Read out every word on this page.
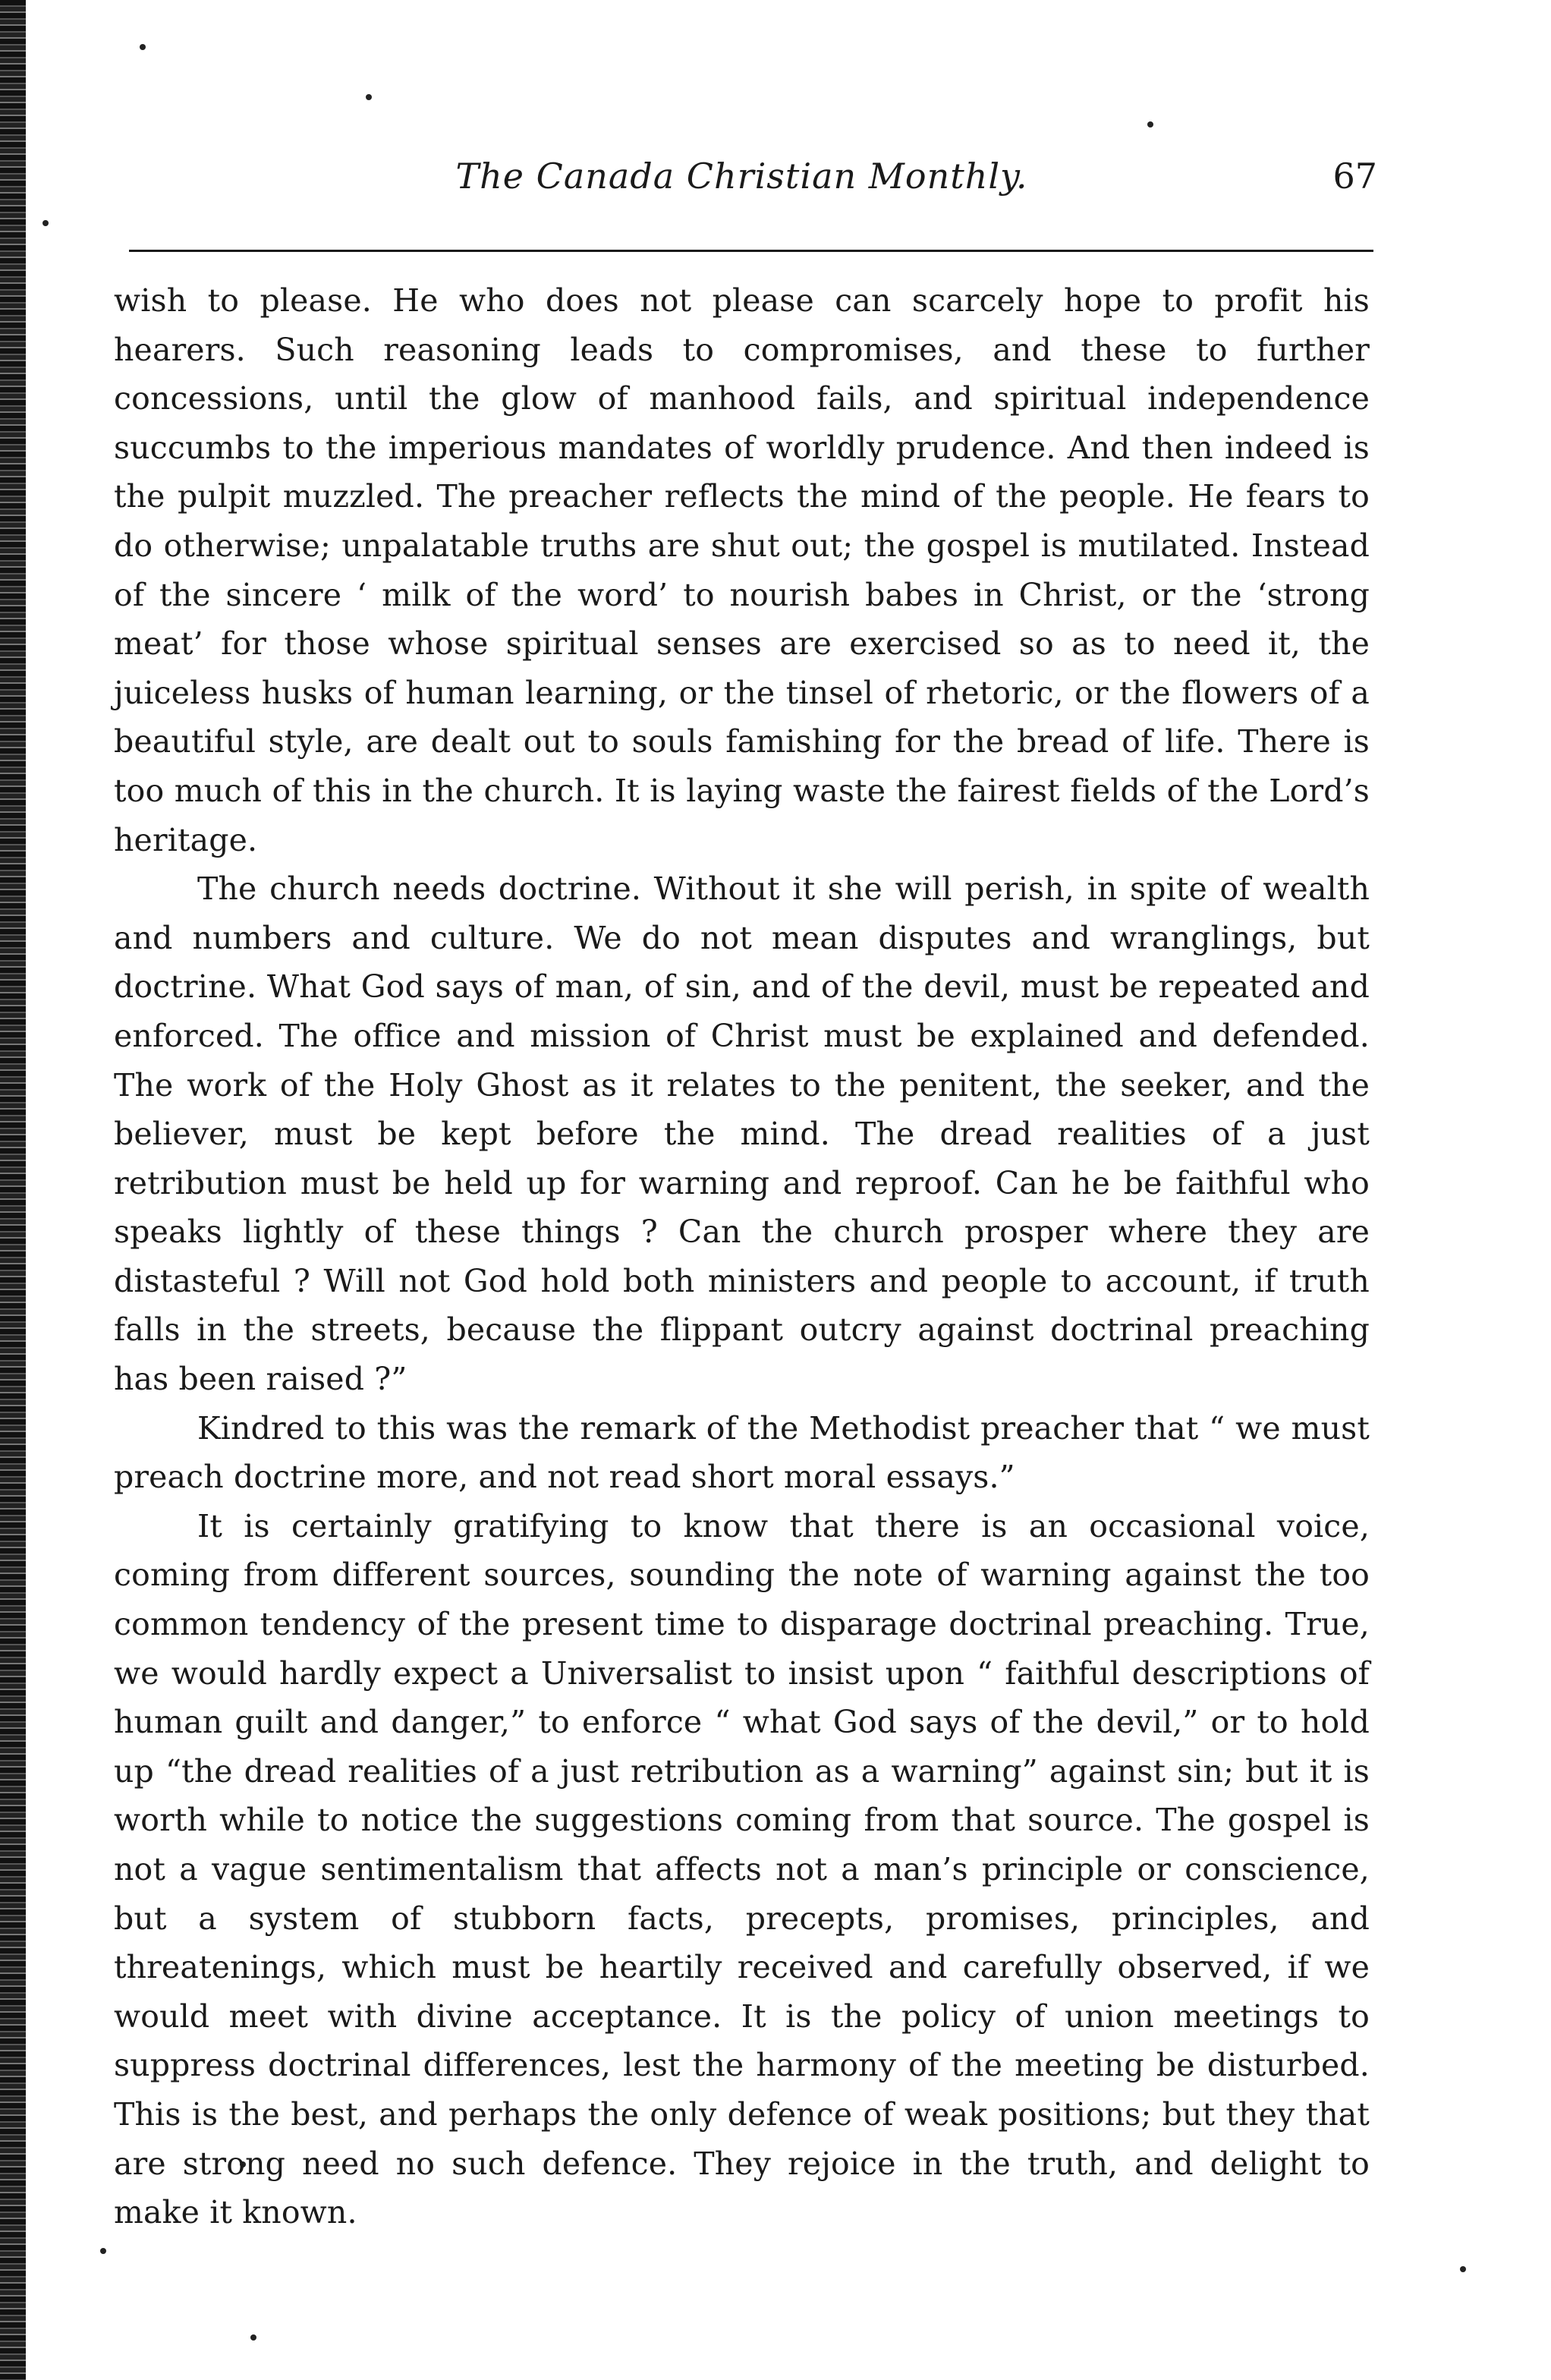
The Canada Christian Monthly.	67

wish to please. He who does not please can scarcely hope to profit his hearers. Such reasoning leads to compromises, and these to further concessions, until the glow of manhood fails, and spiritual independence succumbs to the imperious mandates of worldly prudence. And then indeed is the pulpit muzzled. The preacher reflects the mind of the people. He fears to do otherwise; unpalatable truths are shut out; the gospel is mutilated. Instead of the sincere ‘ milk of the word’ to nourish babes in Christ, or the ‘strong meat’ for those whose spiritual senses are exercised so as to need it, the juiceless husks of human learning, or the tinsel of rhetoric, or the flowers of a beautiful style, are dealt out to souls famishing for the bread of life. There is too much of this in the church. It is laying waste the fairest fields of the Lord’s heritage.

The church needs doctrine. Without it she will perish, in spite of wealth and numbers and culture. We do not mean disputes and wranglings, but doctrine. What God says of man, of sin, and of the devil, must be repeated and enforced. The office and mission of Christ must be explained and defended. The work of the Holy Ghost as it relates to the penitent, the seeker, and the believer, must be kept before the mind. The dread realities of a just retribution must be held up for warning and reproof. Can he be faithful who speaks lightly of these things ? Can the church prosper where they are distasteful ? Will not God hold both ministers and people to account, if truth falls in the streets, because the flippant outcry against doctrinal preaching has been raised ?”

Kindred to this was the remark of the Methodist preacher that “ we must preach doctrine more, and not read short moral essays.”

It is certainly gratifying to know that there is an occasional voice, coming from different sources, sounding the note of warning against the too common tendency of the present time to disparage doctrinal preaching. True, we would hardly expect a Universalist to insist upon “ faithful descriptions of human guilt and danger,” to enforce “ what God says of the devil,” or to hold up “the dread realities of a just retribution as a warning” against sin; but it is worth while to notice the suggestions coming from that source. The gospel is not a vague sentimentalism that affects not a man’s principle or conscience, but a system of stubborn facts, precepts, promises, principles, and threatenings, which must be heartily received and carefully observed, if we would meet with divine acceptance. It is the policy of union meetings to suppress doctrinal differences, lest the harmony of the meeting be disturbed. This is the best, and perhaps the only defence of weak positions; but they that are strong need no such defence. They rejoice in the truth, and delight to make it known.
